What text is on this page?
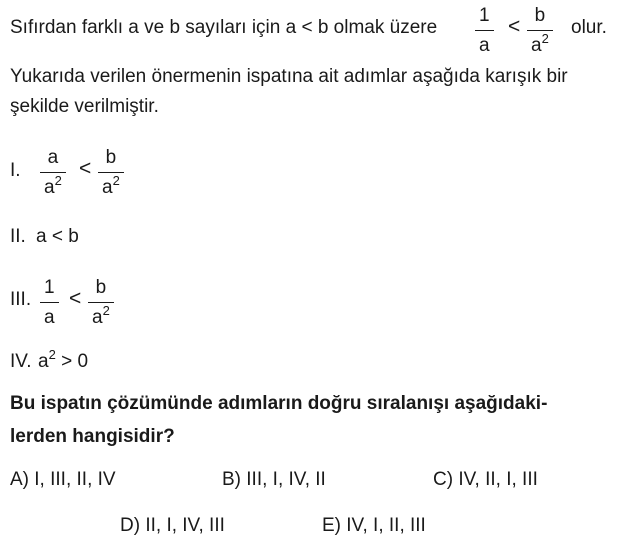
Sıfırdan farklı a ve b sayıları için a < b olmak üzere
1
a
< b
$a^2$
olur.
Yukarıda verilen önermenin ispatına ait adımlar aşağıda karışık bir
şekilde verilmiştir.
I.
a
$a^2$
< b
$a^2$
II. a < b
III.
1
a
< b
$a^2$
IV. $a^2 > 0$
Bu ispatın çözümünde adımların doğru sıralanışı aşağıdaki-
lerden hangisidir?
A) I, III, II, IV	B) III, I, IV, II	C) IV, II, I, III
D) II, I, IV, III	E) IV, I, II, III
